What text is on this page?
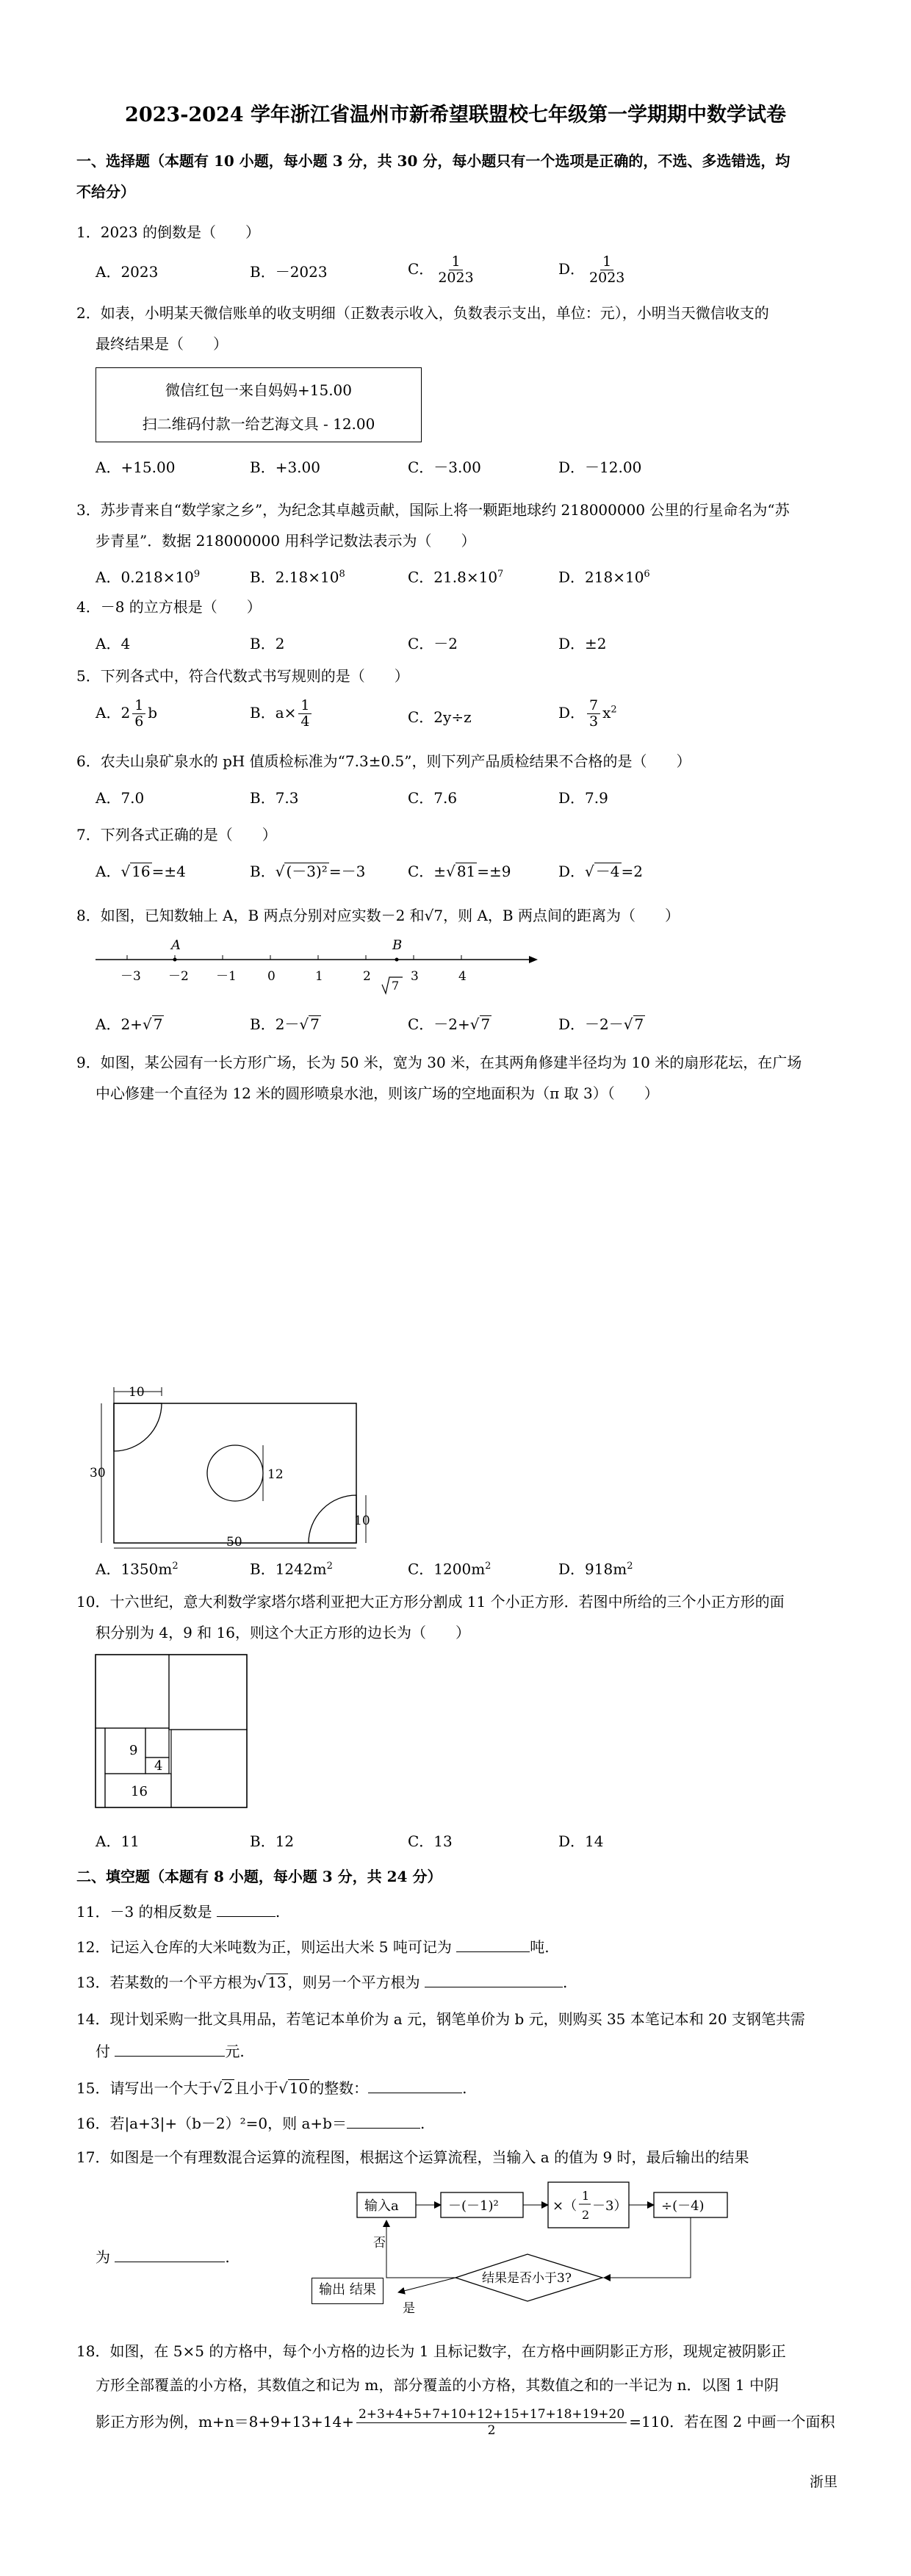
2023-2024 学年浙江省温州市新希望联盟校七年级第一学期期中数学试卷
一、选择题（本题有 10 小题，每小题 3 分，共 30 分，每小题只有一个选项是正确的，不选、多选错选，均
不给分）
1．2023 的倒数是（　　）
A．2023	B．－2023	C． $\frac{1}{2023}$	D． $\frac{1}{2023}$
2．如表，小明某天微信账单的收支明细（正数表示收入，负数表示支出，单位：元），小明当天微信收支的
最终结果是（　　）
微信红包一来自妈妈+15.00
扫二维码付款一给艺海文具 - 12.00
A．+15.00	B．+3.00	C．－3.00	D．－12.00
3．苏步青来自“数学家之乡”，为纪念其卓越贡献，国际上将一颗距地球约 218000000 公里的行星命名为“苏
步青星”．数据 218000000 用科学记数法表示为（　　）
A．$0.218\times 10^9$	B．$2.18\times 10^8$	C．$21.8\times 10^7$	D．$218\times 10^6$
4．－8 的立方根是（　　）
A．4	B．2	C．－2	D．±2
5．下列各式中，符合代数式书写规则的是（　　）
A．$2 \frac{1}{6}$ b	B．$a\times \frac{1}{4}$	C．2y÷z	D． $\frac{7}{3} x^2$
6．农夫山泉矿泉水的 pH 值质检标准为“7.3±0.5”，则下列产品质检结果不合格的是（　　）
A．7.0	B．7.3	C．7.6	D．7.9
7．下列各式正确的是（　　）
A．√ 16 =±4	B．√ (－3)² =－3	C．±√ 81 =±9	D．√ －4 =2
8．如图，已知数轴上 A，B 两点分别对应实数－2 和√7，则 A，B 两点间的距离为（　　）
A	B
－3 －2 －1 0	1	2	3	4
7
A．2+√ 7	B．2－√ 7	C．－2+√ 7	D．－2－√ 7
9．如图，某公园有一长方形广场，长为 50 米，宽为 30 米，在其两角修建半径均为 10 米的扇形花坛，在广场
中心修建一个直径为 12 米的圆形喷泉水池，则该广场的空地面积为（π 取 3）（　　）
10
30	12
10
50
A．$1350m^2$	B．$1242m^2$	C．$1200m^2$	D．$918m^2$
10．十六世纪，意大利数学家塔尔塔利亚把大正方形分割成 11 个小正方形．若图中所给的三个小正方形的面
积分别为 4，9 和 16，则这个大正方形的边长为（　　）
9
4
16
A．11	B．12	C．13	D．14
二、填空题（本题有 8 小题，每小题 3 分，共 24 分）
11．－3 的相反数是	.
12．记运入仓库的大米吨数为正，则运出大米 5 吨可记为	吨.
13．若某数的一个平方根为√ 13 ，则另一个平方根为	.
14．现计划采购一批文具用品，若笔记本单价为 a 元，钢笔单价为 b 元，则购买 35 本笔记本和 20 支钢笔共需
付	元.
15．请写出一个大于√ 2 且小于√ 10 的整数：	.
16．若|a+3|+（b－2）²=0，则 a+b＝	.
17．如图是一个有理数混合运算的流程图，根据这个运算流程，当输入 a 的值为 9 时，最后输出的结果
为	.
输入a	－(－1)²	×（
1
2
－3）	÷(－4)
结果是否小于3?
否
输出 结果
是
18．如图，在 5×5 的方格中，每个小方格的边长为 1 且标记数字，在方格中画阴影正方形，现规定被阴影正
方形全部覆盖的小方格，其数值之和记为 m，部分覆盖的小方格，其数值之和的一半记为 n．以图 1 中阴
影正方形为例，$m+n=8+9+13+14+ \frac{2+3+4+5+7+10+12+15+17+18+19+20}{2} =110$．若在图 2 中画一个面积
浙里
